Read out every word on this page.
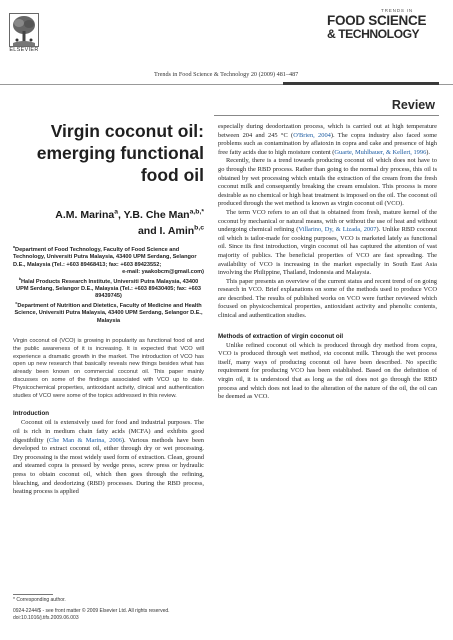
ELSEVIER
Trends in Food Science & Technology 20 (2009) 481–487
TRENDS IN
FOOD SCIENCE
& TECHNOLOGY
Review
Virgin coconut oil:
emerging functional
food oil
A.M. Marina$^a$, Y.B. Che Man$^{a,b,*}$
and I. Amin$^{b,c}$

$^a$Department of Food Technology, Faculty of Food Science and Technology, Universiti Putra Malaysia, 43400 UPM Serdang, Selangor D.E., Malaysia (Tel.: +603 89468413; fax: +603 89423552;
e-mail: yaakobcm@gmail.com)

$^b$Halal Products Research Institute, Universiti Putra Malaysia, 43400 UPM Serdang, Selangor D.E., Malaysia (Tel.: +603 89430405; fax: +603 89439745)

$^c$Department of Nutrition and Dietetics, Faculty of Medicine and Health Science, Universiti Putra Malaysia, 43400 UPM Serdang, Selangor D.E., Malaysia

Virgin coconut oil (VCO) is growing in popularity as functional food oil and the public awareness of it is increasing. It is expected that VCO will experience a dramatic growth in the market. The introduction of VCO has open up new research that basically reveals new things besides what has already been known on commercial coconut oil. This paper mainly discusses on some of the findings associated with VCO up to date. Physicochemical properties, antioxidant activity, clinical and authentication studies of VCO were some of the topics addressed in this review.
Introduction

Coconut oil is extensively used for food and industrial purposes. The oil is rich in medium chain fatty acids (MCFA) and exhibits good digestibility (Che Man & Marina, 2006). Various methods have been developed to extract coconut oil, either through dry or wet processing. Dry processing is the most widely used form of extraction. Clean, ground and steamed copra is pressed by wedge press, screw press or hydraulic press to obtain coconut oil, which then goes through the refining, bleaching, and deodorizing (RBD) processes. During the RBD process, heating process is applied

* Corresponding author.
0924-2244/$ - see front matter © 2009 Elsevier Ltd. All rights reserved.
doi:10.1016/j.tifs.2009.06.003

especially during deodorization process, which is carried out at high temperature between 204 and 245 °C (O'Brien, 2004). The copra industry also faced some problems such as contamination by aflatoxin in copra and cake and presence of high free fatty acids due to high moisture content (Guarte, Muhlbauer, & Kellert, 1996).

Recently, there is a trend towards producing coconut oil which does not have to go through the RBD process. Rather than going to the normal dry process, this oil is obtained by wet processing which entails the extraction of the cream from the fresh coconut milk and consequently breaking the cream emulsion. This process is more desirable as no chemical or high heat treatment is imposed on the oil. The coconut oil produced through the wet method is known as virgin coconut oil (VCO).

The term VCO refers to an oil that is obtained from fresh, mature kernel of the coconut by mechanical or natural means, with or without the use of heat and without undergoing chemical refining (Villarino, Dy, & Lizada, 2007). Unlike RBD coconut oil which is tailor-made for cooking purposes, VCO is marketed lately as functional oil. Since its first introduction, virgin coconut oil has captured the attention of vast majority of publics. The beneficial properties of VCO are fast spreading. The availability of VCO is increasing in the market especially in South East Asia involving the Philippine, Thailand, Indonesia and Malaysia.

This paper presents an overview of the current status and recent trend of on going research in VCO. Brief explanations on some of the methods used to produce VCO are described. The results of published works on VCO were further reviewed which focused on physicochemical properties, antioxidant activity and phenolic contents, clinical and authentication studies.

Methods of extraction of virgin coconut oil

Unlike refined coconut oil which is produced through dry method from copra, VCO is produced through wet method, via coconut milk. Through the wet process itself, many ways of producing coconut oil have been described. No specific requirement for producing VCO has been established. Based on the definition of virgin oil, it is understood that as long as the oil does not go through the RBD process and which does not lead to the alteration of the nature of the oil, the oil can be deemed as VCO.
